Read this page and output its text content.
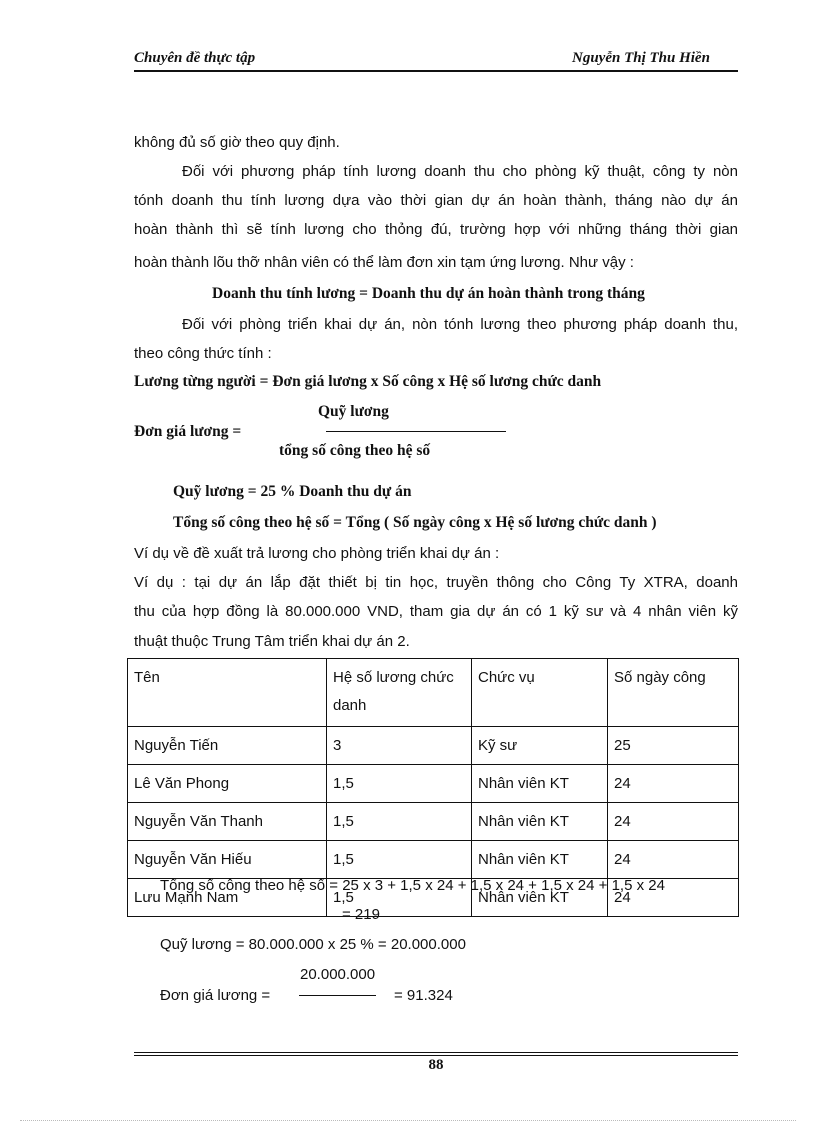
Chuyên đề thực tập	Nguyễn Thị Thu Hiền
không đủ số giờ theo quy định.
Đối với phương pháp tính lương doanh thu cho phòng kỹ thuật, công ty nòn
tónh doanh thu tính lương dựa vào thời gian dự án hoàn thành, tháng nào dự án
hoàn thành thì sẽ tính lương cho thỏng đú, trường hợp với những tháng thời gian
hoàn thành lõu thỡ nhân viên có thể làm đơn xin tạm ứng lương. Như vậy :
Doanh thu tính lương = Doanh thu dự án hoàn thành trong tháng
Đối với phòng triển khai dự án, nòn tónh lương theo phương pháp doanh thu,
theo công thức tính :
Lương từng người = Đơn giá lương x Số công x Hệ số lương chức danh
Quỹ lương
Đơn giá lương =
tổng số công theo hệ số
Quỹ lương = 25 % Doanh thu dự án
Tổng số công theo hệ số = Tổng ( Số ngày công x Hệ số lương chức danh )
Ví dụ về đề xuất trả lương cho phòng triển khai dự án :
Ví dụ : tại dự án lắp đặt thiết bị tin học, truyền thông cho Công Ty XTRA, doanh
thu của hợp đồng là 80.000.000 VND, tham gia dự án có 1 kỹ sư và 4 nhân viên kỹ
thuật thuộc Trung Tâm triển khai dự án 2.
Tên	Hệ số lương chức danh	Chức vụ	Số ngày công
Nguyễn Tiến	3	Kỹ sư	25
Lê Văn Phong	1,5	Nhân viên KT	24
Nguyễn Văn Thanh	1,5	Nhân viên KT	24
Nguyễn Văn Hiếu	1,5	Nhân viên KT	24
Lưu Mạnh Nam	1,5	Nhân viên KT	24
Tổng số công theo hệ số = 25 x 3 + 1,5 x 24 + 1,5 x 24 + 1,5 x 24 + 1,5 x 24
= 219
Quỹ lương = 80.000.000 x 25 % = 20.000.000
20.000.000
Đơn giá lương =	= 91.324
88
